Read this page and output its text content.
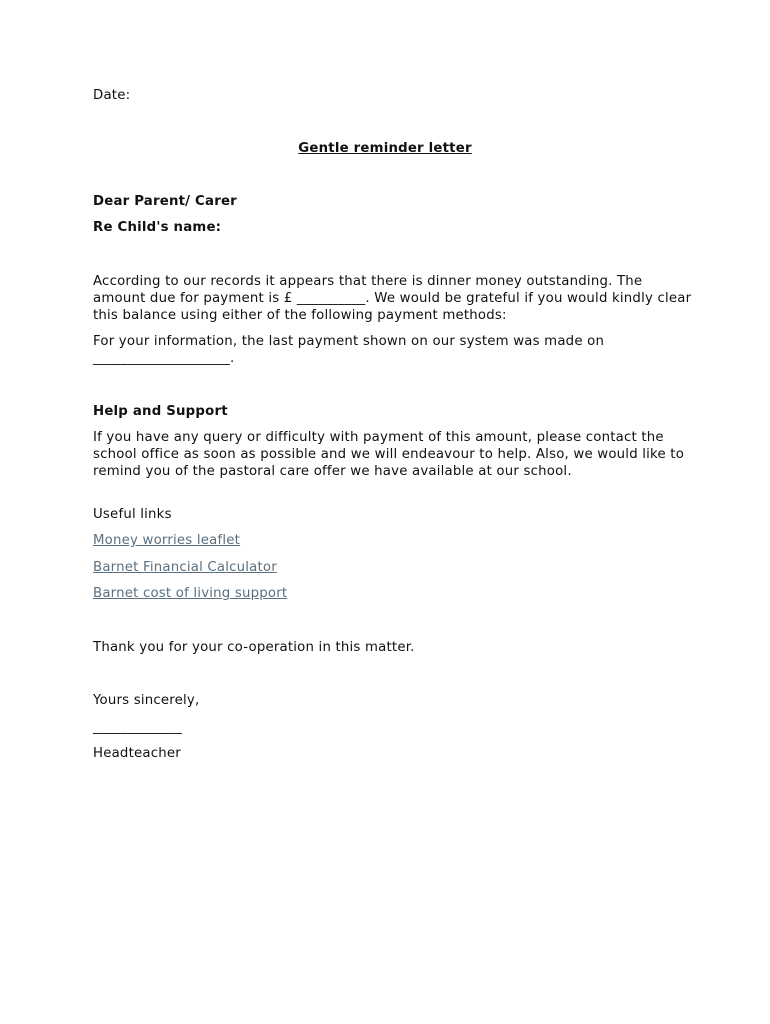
Date:

Gentle reminder letter

Dear Parent/ Carer

Re Child's name:

According to our records it appears that there is dinner money outstanding. The amount due for payment is £ __________. We would be grateful if you would kindly clear this balance using either of the following payment methods:

For your information, the last payment shown on our system was made on ____________________.

Help and Support

If you have any query or difficulty with payment of this amount, please contact the school office as soon as possible and we will endeavour to help. Also, we would like to remind you of the pastoral care offer we have available at our school.

Useful links

Money worries leaflet

Barnet Financial Calculator

Barnet cost of living support

Thank you for your co-operation in this matter.

Yours sincerely,

_____________

Headteacher
